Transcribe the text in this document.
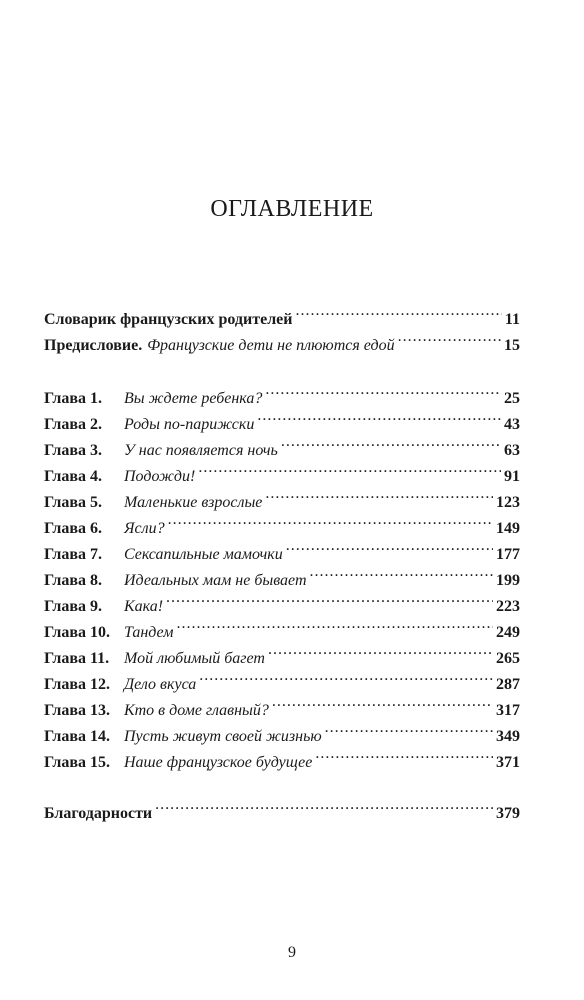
ОГЛАВЛЕНИЕ
Словарик французских родителей .....	11
Предисловие. Французские дети не плюются едой .....	15
Глава 1.	Вы ждете ребенка? .....	25
Глава 2.	Роды по-парижски .....	43
Глава 3.	У нас появляется ночь .....	63
Глава 4.	Подожди! .....	91
Глава 5.	Маленькие взрослые .....	123
Глава 6.	Ясли? .....	149
Глава 7.	Сексапильные мамочки .....	177
Глава 8.	Идеальных мам не бывает .....	199
Глава 9.	Кака! .....	223
Глава 10. Тандем .....	249
Глава 11. Мой любимый багет .....	265
Глава 12. Дело вкуса .....	287
Глава 13. Кто в доме главный? .....	317
Глава 14. Пусть живут своей жизнью .....	349
Глава 15. Наше французское будущее .....	371
Благодарности .....	379
9
